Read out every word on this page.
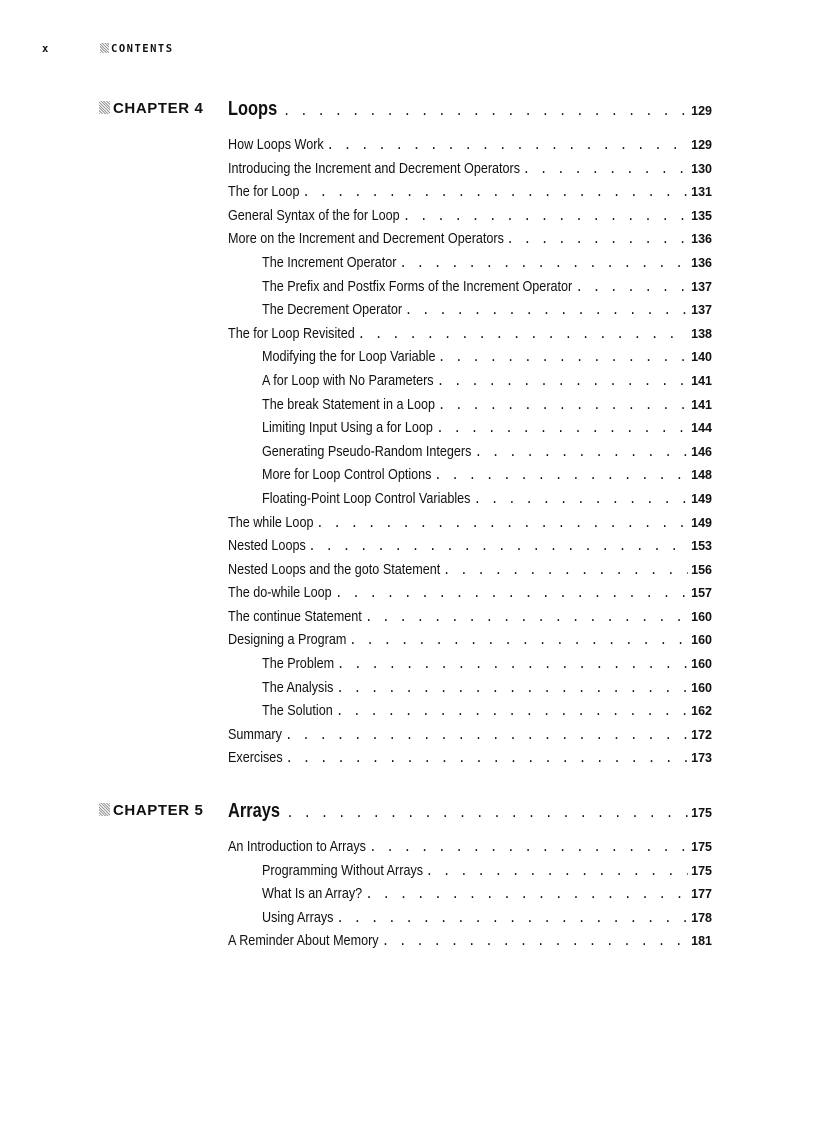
x	CONTENTS
CHAPTER 4 Loops . . .	129
How Loops Work . . .	129
Introducing the Increment and Decrement Operators . . .	130
The for Loop . . .	131
General Syntax of the for Loop . . .	135
More on the Increment and Decrement Operators . . .	136
The Increment Operator . . .	136
The Prefix and Postfix Forms of the Increment Operator . . .	137
The Decrement Operator . . .	137
The for Loop Revisited . . .	138
Modifying the for Loop Variable . . .	140
A for Loop with No Parameters . . .	141
The break Statement in a Loop . . .	141
Limiting Input Using a for Loop . . .	144
Generating Pseudo-Random Integers . . .	146
More for Loop Control Options . . .	148
Floating-Point Loop Control Variables . . .	149
The while Loop . . .	149
Nested Loops . . .	153
Nested Loops and the goto Statement . . .	156
The do-while Loop . . .	157
The continue Statement . . .	160
Designing a Program . . .	160
The Problem . . .	160
The Analysis . . .	160
The Solution . . .	162
Summary . . .	172
Exercises . . .	173
CHAPTER 5 Arrays . . .	175
An Introduction to Arrays . . .	175
Programming Without Arrays . . .	175
What Is an Array? . . .	177
Using Arrays . . .	178
A Reminder About Memory . . .	181
